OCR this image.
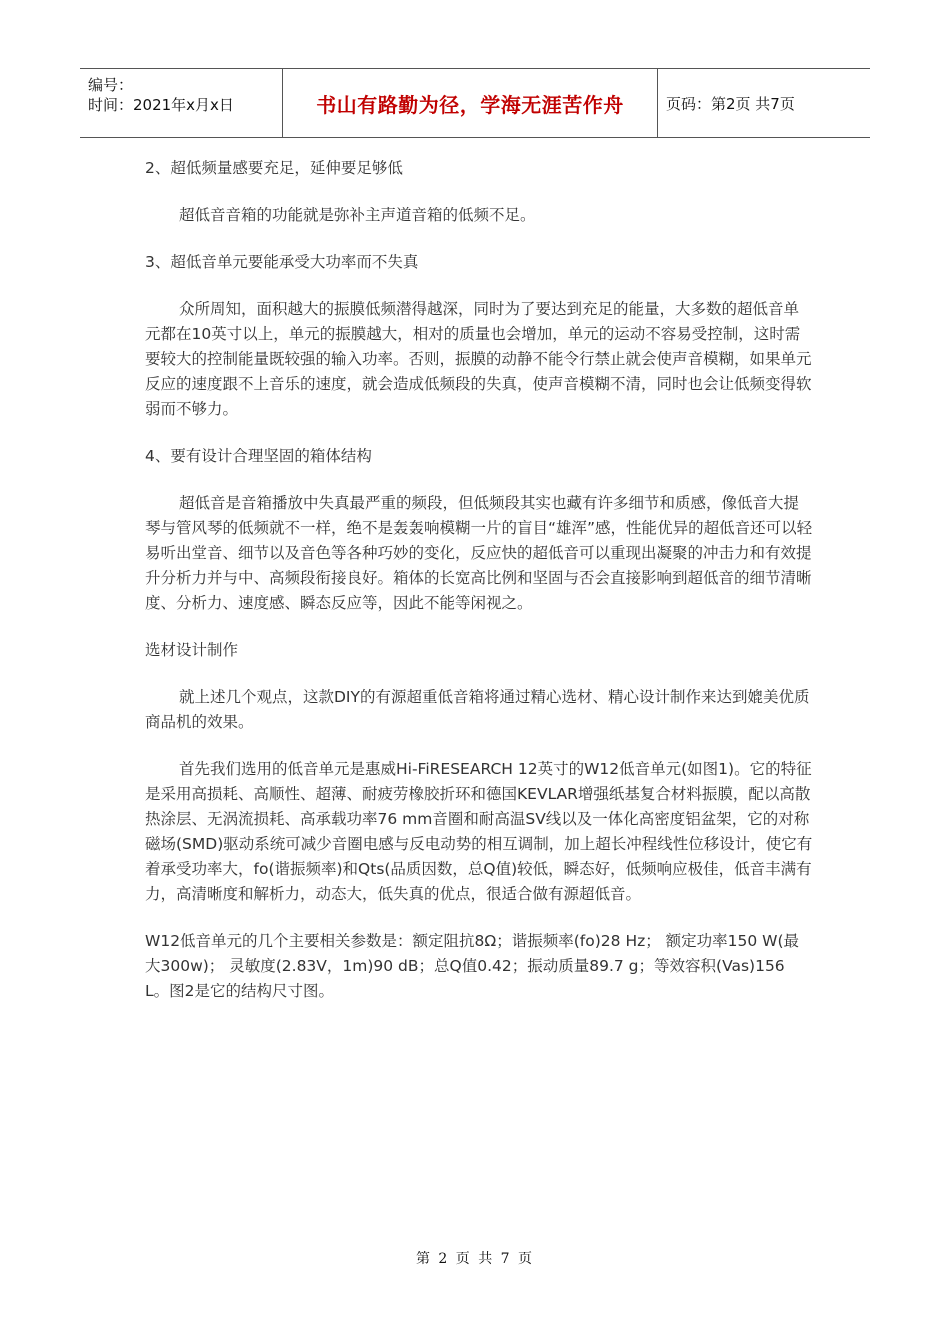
编号：
时间：2021年x月x日	书山有路勤为径，学海无涯苦作舟	页码：第2页 共7页

2、超低频量感要充足，延伸要足够低

超低音音箱的功能就是弥补主声道音箱的低频不足。

3、超低音单元要能承受大功率而不失真

众所周知，面积越大的振膜低频潜得越深，同时为了要达到充足的能量，大多数的超低音单元都在10英寸以上，单元的振膜越大，相对的质量也会增加，单元的运动不容易受控制，这时需要较大的控制能量既较强的输入功率。否则，振膜的动静不能令行禁止就会使声音模糊，如果单元反应的速度跟不上音乐的速度，就会造成低频段的失真，使声音模糊不清，同时也会让低频变得软弱而不够力。

4、要有设计合理坚固的箱体结构

超低音是音箱播放中失真最严重的频段，但低频段其实也藏有许多细节和质感，像低音大提琴与管风琴的低频就不一样，绝不是轰轰响模糊一片的盲目“雄浑”感，性能优异的超低音还可以轻易听出堂音、细节以及音色等各种巧妙的变化，反应快的超低音可以重现出凝聚的冲击力和有效提升分析力并与中、高频段衔接良好。箱体的长宽高比例和坚固与否会直接影响到超低音的细节清晰度、分析力、速度感、瞬态反应等，因此不能等闲视之。

选材设计制作

就上述几个观点，这款DIY的有源超重低音箱将通过精心选材、精心设计制作来达到媲美优质商品机的效果。

首先我们选用的低音单元是惠威Hi-FiRESEARCH 12英寸的W12低音单元(如图1)。它的特征是采用高损耗、高顺性、超薄、耐疲劳橡胶折环和德国KEVLAR增强纸基复合材料振膜，配以高散热涂层、无涡流损耗、高承载功率76 mm音圈和耐高温SV线以及一体化高密度铝盆架，它的对称磁场(SMD)驱动系统可减少音圈电感与反电动势的相互调制，加上超长冲程线性位移设计，使它有着承受功率大，fo(谐振频率)和Qts(品质因数，总Q值)较低，瞬态好，低频响应极佳，低音丰满有力，高清晰度和解析力，动态大，低失真的优点，很适合做有源超低音。

W12低音单元的几个主要相关参数是：额定阻抗8Ω；谐振频率(fo)28 Hz； 额定功率150 W(最大300w)； 灵敏度(2.83V，1m)90 dB；总Q值0.42；振动质量89.7 g；等效容积(Vas)156 L。图2是它的结构尺寸图。

第 2 页 共 7 页
